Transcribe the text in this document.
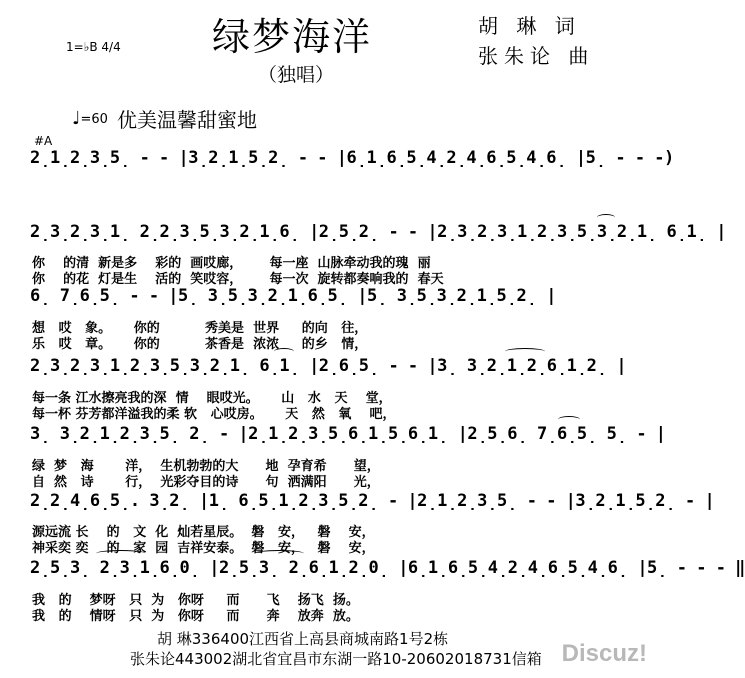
绿梦海洋
（独唱）
胡 琳 词
张朱论 曲
1=♭B 4/4
♩=60 优美温馨甜蜜地
#A
2̣1̣2̣3̣5̣ - - |3̣2̣1̣5̣2̣ - - |6̣1̣6̣5̣4̣2̣4̣6̣5̣4̣6̣ |5̣ - - -)
2̣3̣2̣3̣1̣ 2̣2̣3̣5̣3̣2̣1̣6̣ |2̣5̣2̣ - - |2̣3̣2̣3̣1̣2̣3̣5̣3̣2̣1̣ 6̣1̣ |
6̣ 7̣6̣5̣ - - |5̣ 3̣5̣3̣2̣1̣6̣5̣ |5̣ 3̣5̣3̣2̣1̣5̣2̣ |
2̣3̣2̣3̣1̣2̣3̣5̣3̣2̣1̣ 6̣1̣ |2̣6̣5̣ - - |3̣ 3̣2̣1̣2̣6̣1̣2̣ |
3̣ 3̣2̣1̣2̣3̣5̣ 2̣ - |2̣1̣2̣3̣5̣6̣1̣5̣6̣1̣ |2̣5̣6̣ 7̣6̣5̣ 5̣ - |
2̣2̣4̣6̣5̣. 3̣2̣ |1̣ 6̣5̣1̣2̣3̣5̣2̣ - |2̣1̣2̣3̣5̣ - - |3̣2̣1̣5̣2̣ - |
2̣5̣3̣ 2̣3̣1̣6̣0̣ |2̣5̣3̣ 2̣6̣1̣2̣0̣ |6̣1̣6̣5̣4̣2̣4̣6̣5̣4̣6̣ |5̣ - - - ‖
你    的清  新是多    彩的  画哎廊，      每一座  山脉牵动我的瑰  丽
你    的花  灯是生    活的  笑哎容，      每一次  旋转都奏响我的  春天
想   哎   象。     你的          秀美是  世界     的向   往，
乐   哎   章。     你的          茶香是  浓浓     的乡   情，
每一条 江水擦亮我的深  情    眼哎光。     山   水   天    堂，
每一杯 芬芳都洋溢我的柔 软   心哎房。     天   然   氧    吧，
绿  梦   海       洋，  生机勃勃的大      地  孕育希      望，
自  然   诗       行，  光彩夺目的诗      句  洒满阳      光，
源远流 长    的   文  化  灿若星辰。  磐   安，   磐    安，
神采奕 奕    的   家  园  吉祥安泰。  磐   安，   磐    安，
我   的    梦呀   只  为   你呀     而      飞    扬飞  扬。
我   的    情呀   只  为   你呀     而      奔    放奔  放。
胡 琳336400江西省上高县商城南路1号2栋
张朱论443002湖北省宜昌市东湖一路10-20602018731信箱 Discuz!
